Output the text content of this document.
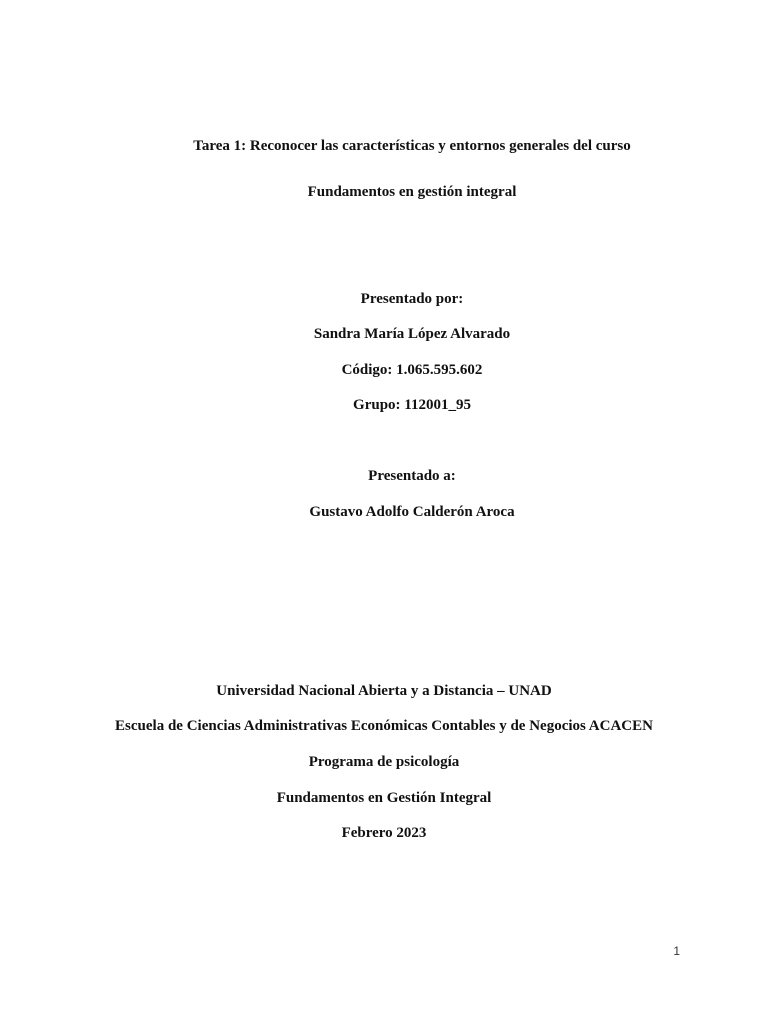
Tarea 1: Reconocer las características y entornos generales del curso
Fundamentos en gestión integral
Presentado por:
Sandra María López Alvarado
Código: 1.065.595.602
Grupo: 112001_95
Presentado a:
Gustavo Adolfo Calderón Aroca
Universidad Nacional Abierta y a Distancia – UNAD
Escuela de Ciencias Administrativas Económicas Contables y de Negocios ACACEN
Programa de psicología
Fundamentos en Gestión Integral
Febrero 2023
1
